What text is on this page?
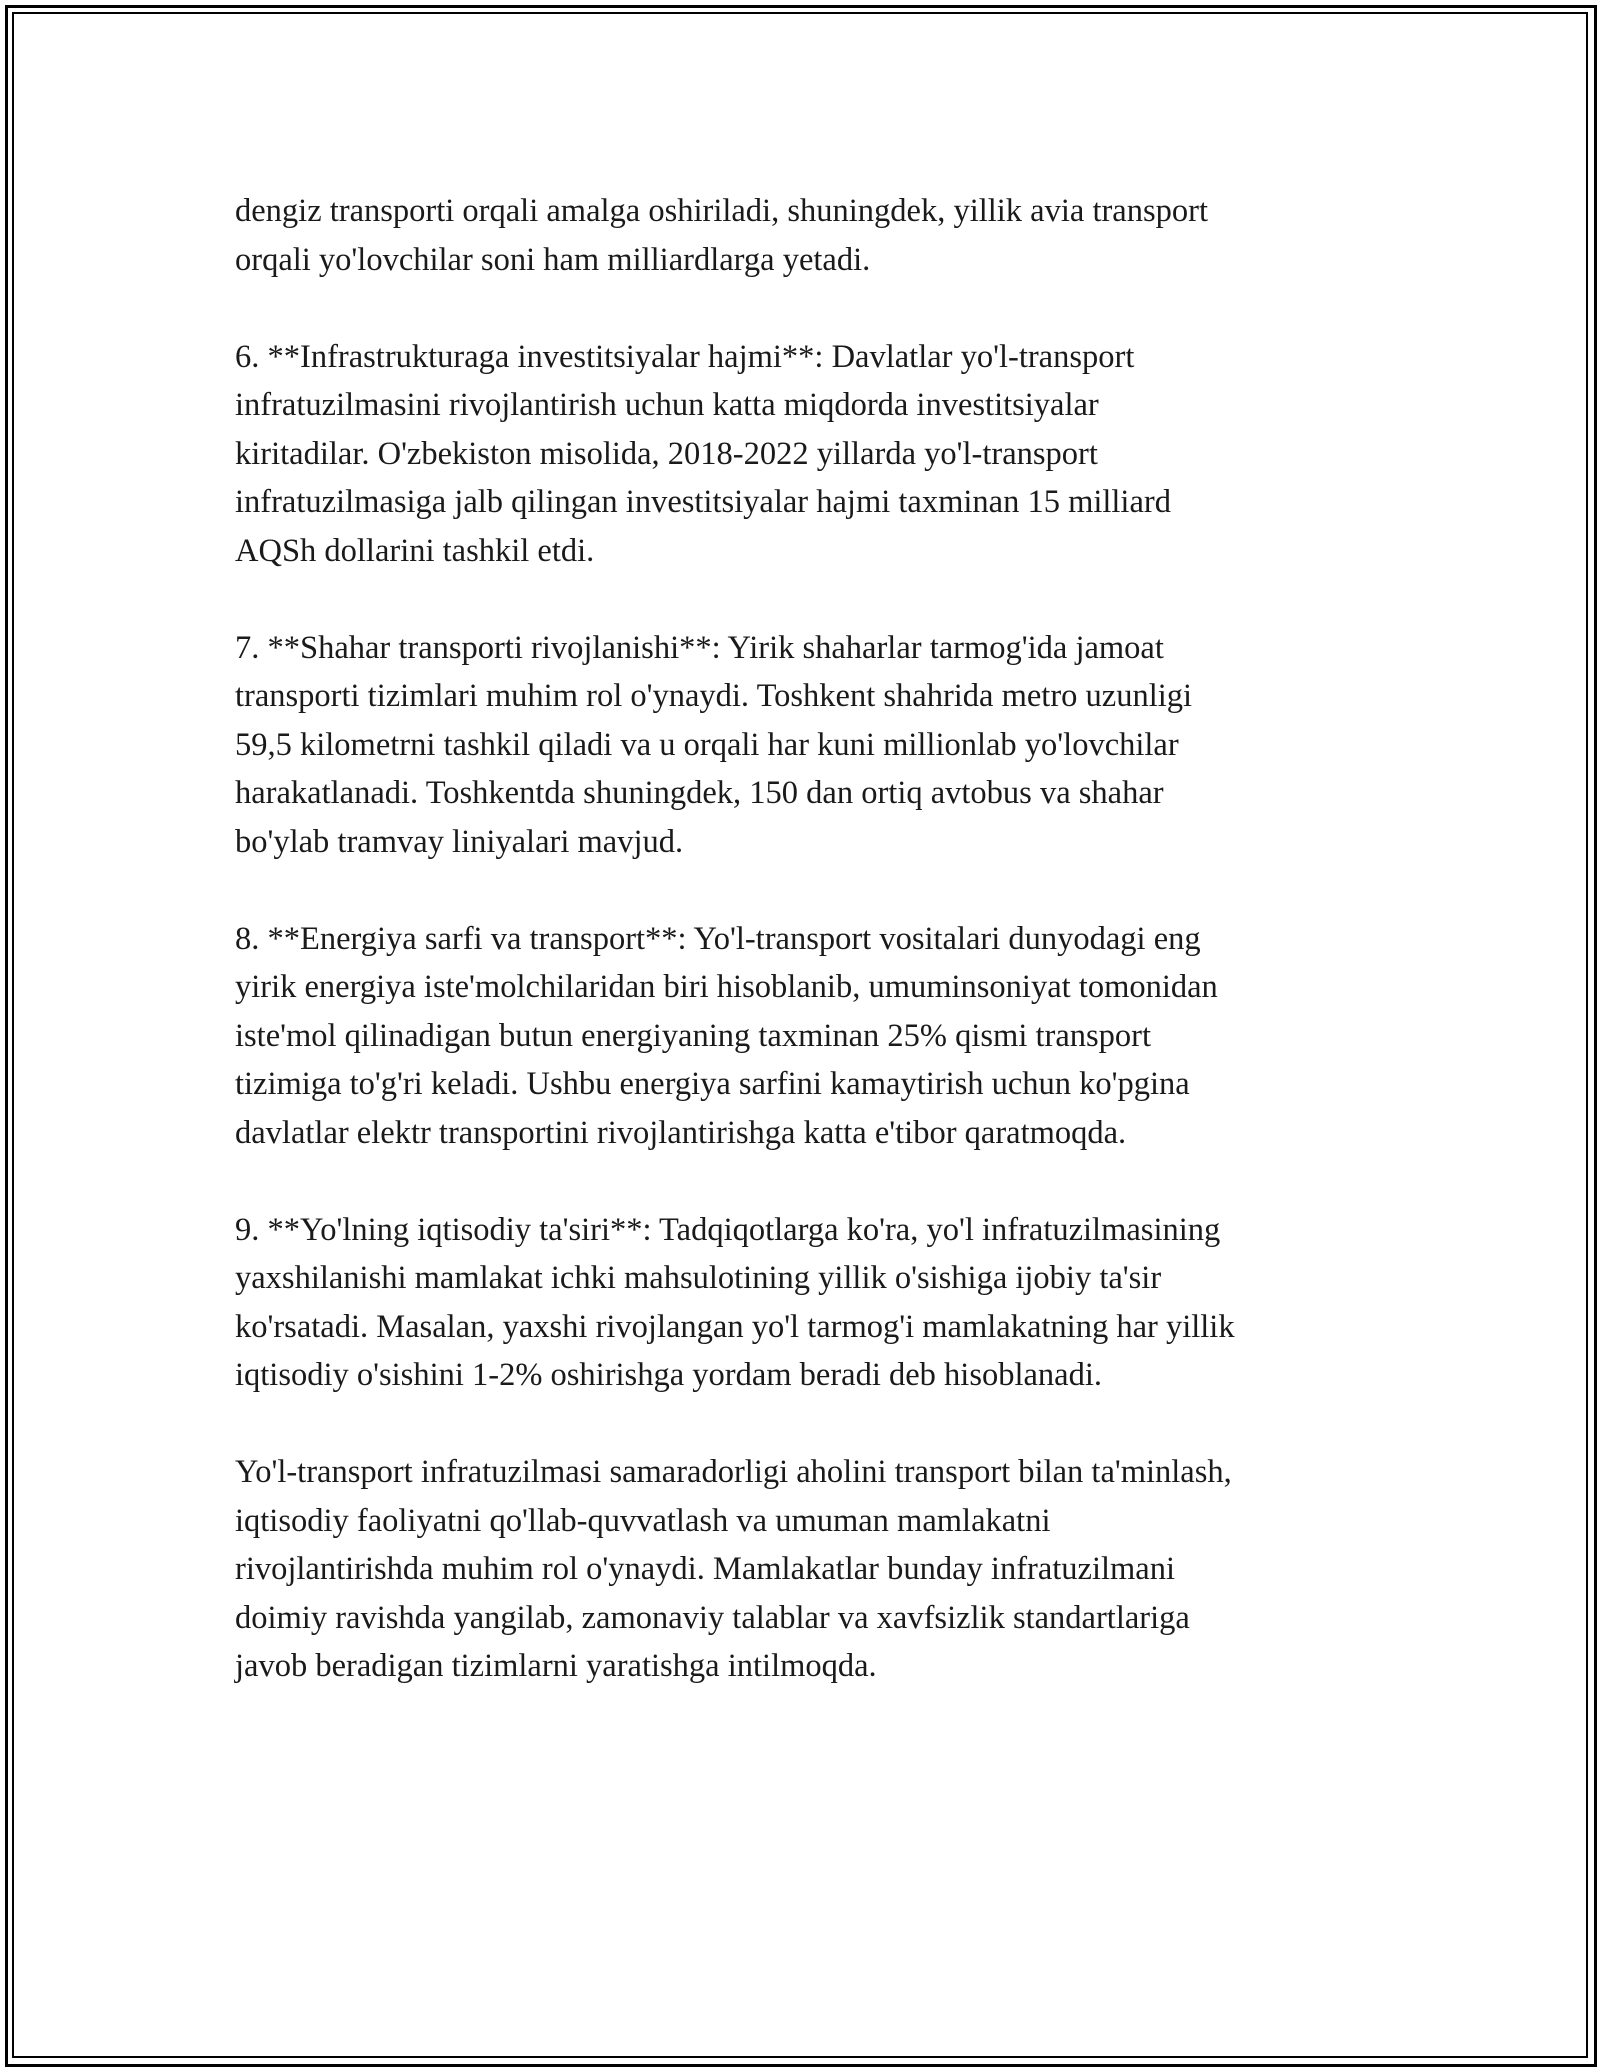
dengiz transporti orqali amalga oshiriladi, shuningdek, yillik avia transport
orqali yo'lovchilar soni ham milliardlarga yetadi.

6. **Infrastrukturaga investitsiyalar hajmi**: Davlatlar yo'l-transport
infratuzilmasini rivojlantirish uchun katta miqdorda investitsiyalar
kiritadilar. O'zbekiston misolida, 2018-2022 yillarda yo'l-transport
infratuzilmasiga jalb qilingan investitsiyalar hajmi taxminan 15 milliard
AQSh dollarini tashkil etdi.

7. **Shahar transporti rivojlanishi**: Yirik shaharlar tarmog'ida jamoat
transporti tizimlari muhim rol o'ynaydi. Toshkent shahrida metro uzunligi
59,5 kilometrni tashkil qiladi va u orqali har kuni millionlab yo'lovchilar
harakatlanadi. Toshkentda shuningdek, 150 dan ortiq avtobus va shahar
bo'ylab tramvay liniyalari mavjud.

8. **Energiya sarfi va transport**: Yo'l-transport vositalari dunyodagi eng
yirik energiya iste'molchilaridan biri hisoblanib, umuminsoniyat tomonidan
iste'mol qilinadigan butun energiyaning taxminan 25% qismi transport
tizimiga to'g'ri keladi. Ushbu energiya sarfini kamaytirish uchun ko'pgina
davlatlar elektr transportini rivojlantirishga katta e'tibor qaratmoqda.

9. **Yo'lning iqtisodiy ta'siri**: Tadqiqotlarga ko'ra, yo'l infratuzilmasining
yaxshilanishi mamlakat ichki mahsulotining yillik o'sishiga ijobiy ta'sir
ko'rsatadi. Masalan, yaxshi rivojlangan yo'l tarmog'i mamlakatning har yillik
iqtisodiy o'sishini 1-2% oshirishga yordam beradi deb hisoblanadi.

Yo'l-transport infratuzilmasi samaradorligi aholini transport bilan ta'minlash,
iqtisodiy faoliyatni qo'llab-quvvatlash va umuman mamlakatni
rivojlantirishda muhim rol o'ynaydi. Mamlakatlar bunday infratuzilmani
doimiy ravishda yangilab, zamonaviy talablar va xavfsizlik standartlariga
javob beradigan tizimlarni yaratishga intilmoqda.
